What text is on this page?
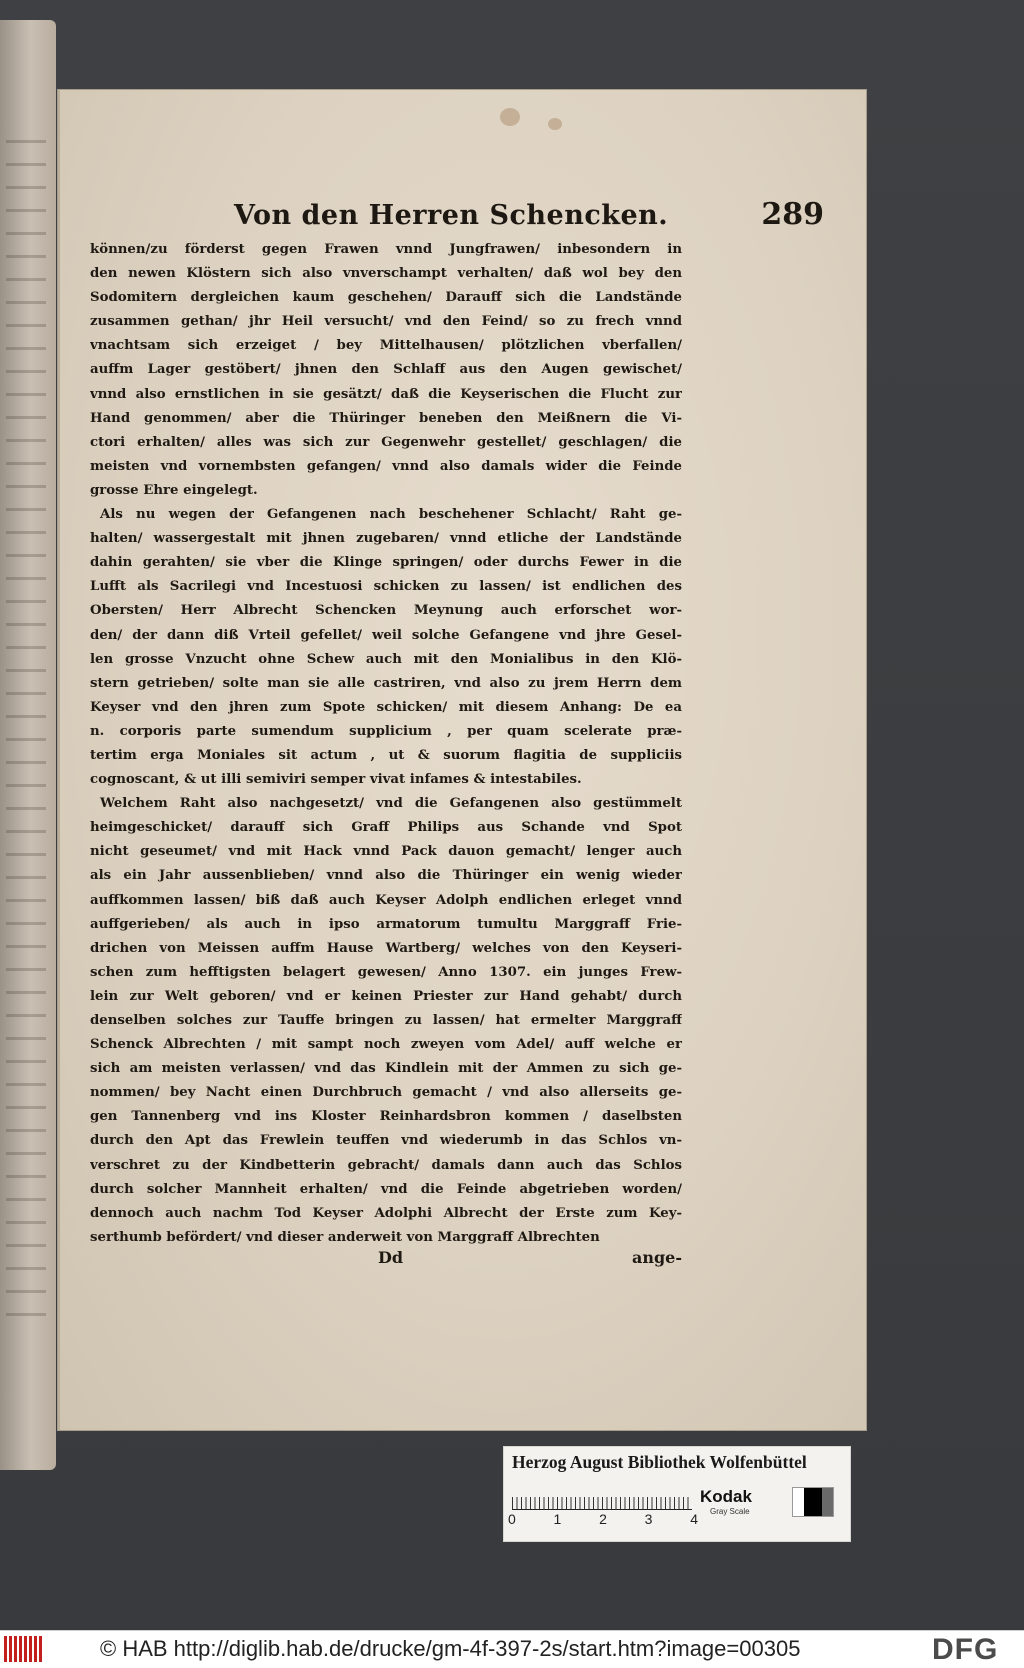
Von den Herren Schencken.	289
können/zu förderst gegen Frawen vnnd Jungfrawen/ inbesondern in
den newen Klöstern sich also vnverschampt verhalten/ daß wol bey den
Sodomitern dergleichen kaum geschehen/ Darauff sich die Landstände
zusammen gethan/ jhr Heil versucht/ vnd den Feind/ so zu frech vnnd
vnachtsam sich erzeiget / bey Mittelhausen/ plötzlichen vberfallen/
auffm Lager gestöbert/ jhnen den Schlaff aus den Augen gewischet/
vnnd also ernstlichen in sie gesätzt/ daß die Keyserischen die Flucht zur
Hand genommen/ aber die Thüringer beneben den Meißnern die Vi-
ctori erhalten/ alles was sich zur Gegenwehr gestellet/ geschlagen/ die
meisten vnd vornembsten gefangen/ vnnd also damals wider die Feinde
grosse Ehre eingelegt.
Als nu wegen der Gefangenen nach beschehener Schlacht/ Raht ge-
halten/ wassergestalt mit jhnen zugebaren/ vnnd etliche der Landstände
dahin gerahten/ sie vber die Klinge springen/ oder durchs Fewer in die
Lufft als Sacrilegi vnd Incestuosi schicken zu lassen/ ist endlichen des
Obersten/ Herr Albrecht Schencken Meynung auch erforschet wor-
den/ der dann diß Vrteil gefellet/ weil solche Gefangene vnd jhre Gesel-
len grosse Vnzucht ohne Schew auch mit den Monialibus in den Klö-
stern getrieben/ solte man sie alle castriren, vnd also zu jrem Herrn dem
Keyser vnd den jhren zum Spote schicken/ mit diesem Anhang: De ea
n. corporis parte sumendum supplicium , per quam scelerate præ-
tertim erga Moniales sit actum , ut & suorum flagitia de suppliciis
cognoscant, & ut illi semiviri semper vivat infames & intestabiles.
Welchem Raht also nachgesetzt/ vnd die Gefangenen also gestümmelt
heimgeschicket/ darauff sich Graff Philips aus Schande vnd Spot
nicht geseumet/ vnd mit Hack vnnd Pack dauon gemacht/ lenger auch
als ein Jahr aussenblieben/ vnnd also die Thüringer ein wenig wieder
auffkommen lassen/ biß daß auch Keyser Adolph endlichen erleget vnnd
auffgerieben/ als auch in ipso armatorum tumultu Marggraff Frie-
drichen von Meissen auffm Hause Wartberg/ welches von den Keyseri-
schen zum hefftigsten belagert gewesen/ Anno 1307. ein junges Frew-
lein zur Welt geboren/ vnd er keinen Priester zur Hand gehabt/ durch
denselben solches zur Tauffe bringen zu lassen/ hat ermelter Marggraff
Schenck Albrechten / mit sampt noch zweyen vom Adel/ auff welche er
sich am meisten verlassen/ vnd das Kindlein mit der Ammen zu sich ge-
nommen/ bey Nacht einen Durchbruch gemacht / vnd also allerseits ge-
gen Tannenberg vnd ins Kloster Reinhardsbron kommen / daselbsten
durch den Apt das Frewlein teuffen vnd wiederumb in das Schlos vn-
verschret zu der Kindbetterin gebracht/ damals dann auch das Schlos
durch solcher Mannheit erhalten/ vnd die Feinde abgetrieben worden/
dennoch auch nachm Tod Keyser Adolphi Albrecht der Erste zum Key-
serthumb befördert/ vnd dieser anderweit von Marggraff Albrechten
Dd	ange-
Herzog August Bibliothek Wolfenbüttel
0	1	2	3	4
Kodak
Gray Scale
© HAB http://diglib.hab.de/drucke/gm-4f-397-2s/start.htm?image=00305	DFG
